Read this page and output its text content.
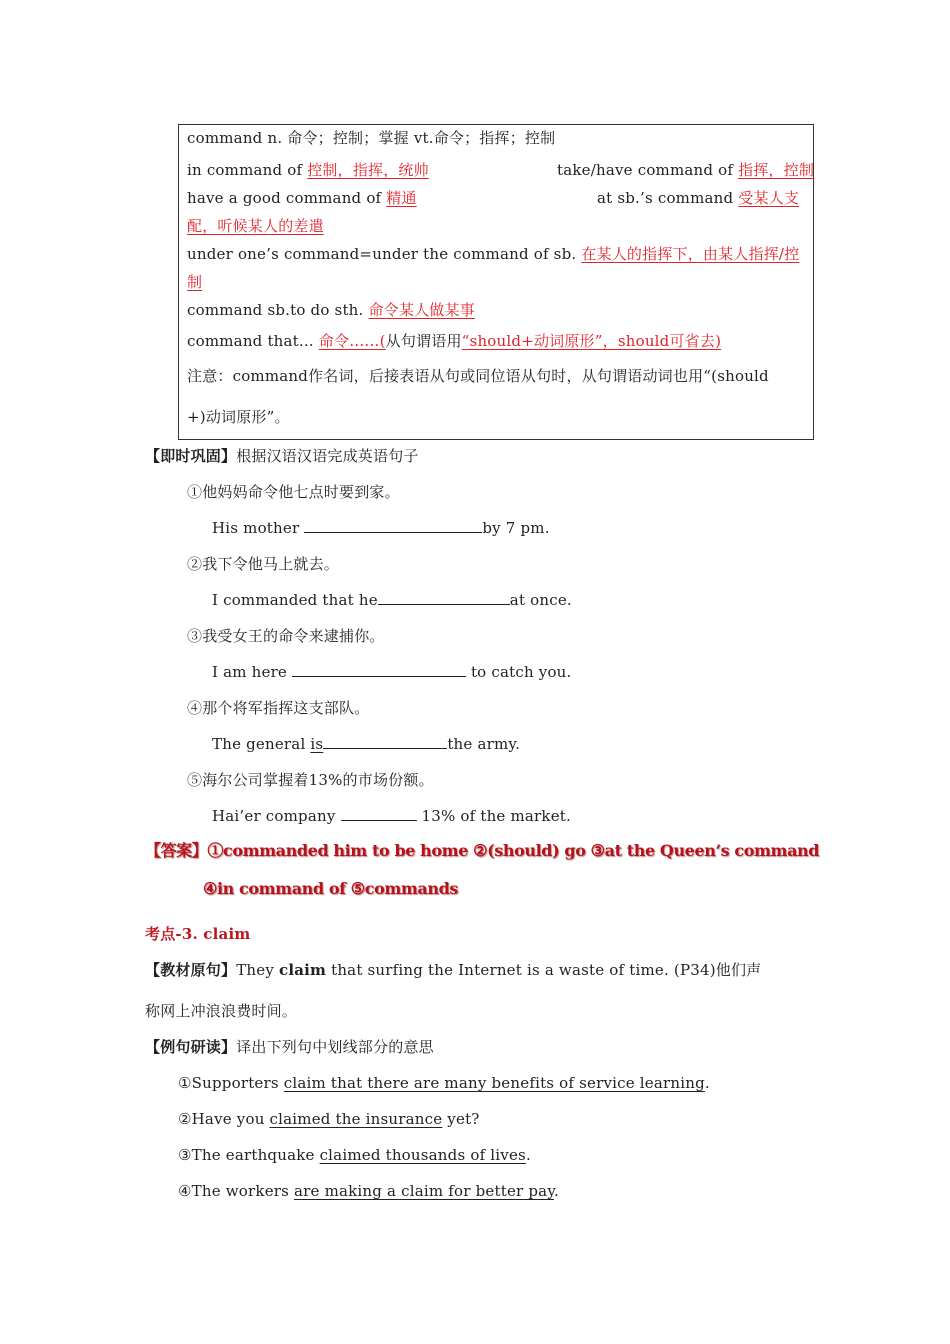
command n. 命令；控制；掌握 vt.命令；指挥；控制
in command of 控制，指挥，统帅	take/have command of 指挥，控制
have a good command of 精通	at sb.’s command 受某人支
配，听候某人的差遣
under one’s command=under the command of sb. 在某人的指挥下，由某人指挥/控
制
command sb.to do sth. 命令某人做某事
command that... 命令……(从句谓语用“should+动词原形”，should可省去)
注意：command作名词，后接表语从句或同位语从句时，从句谓语动词也用“(should
+)动词原形”。
【即时巩固】根据汉语汉语完成英语句子
①他妈妈命令他七点时要到家。
His mother	by 7 pm.
②我下令他马上就去。
I commanded that he	at once.
③我受女王的命令来逮捕你。
I am here	to catch you.
④那个将军指挥这支部队。
The general is	the army.
⑤海尔公司掌握着13%的市场份额。
Hai’er company	13% of the market.
【答案】①commanded him to be home ②(should) go ③at the Queen’s command
④in command of ⑤commands
考点-3. claim
【教材原句】They claim that surfing the Internet is a waste of time. (P34)他们声
称网上冲浪浪费时间。
【例句研读】译出下列句中划线部分的意思
①Supporters claim that there are many benefits of service learning.
②Have you claimed the insurance yet?
③The earthquake claimed thousands of lives.
④The workers are making a claim for better pay.
